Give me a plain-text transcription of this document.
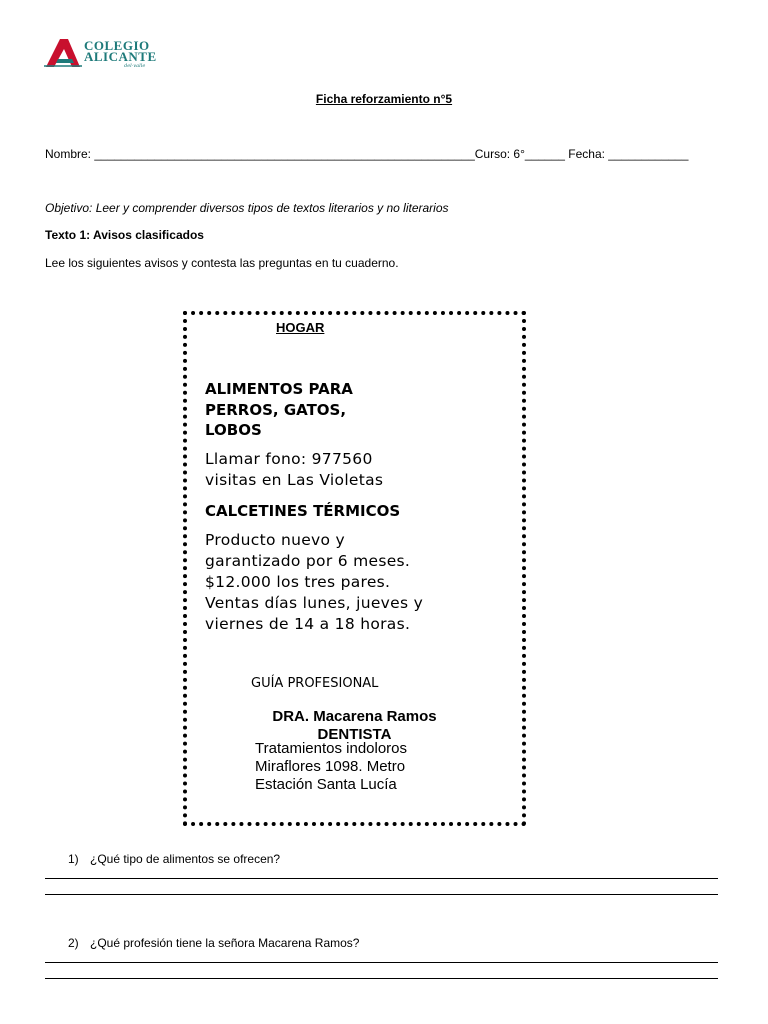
COLEGIO
ALICANTE
del·valle
Ficha reforzamiento n°5
Nombre: _________________________________________________________Curso: 6°______ Fecha: ____________
Objetivo: Leer y comprender diversos tipos de textos literarios y no literarios
Texto 1: Avisos clasificados
Lee los siguientes avisos y contesta las preguntas en tu cuaderno.
HOGAR
ALIMENTOS PARA
PERROS, GATOS,
LOBOS
Llamar fono: 977560
visitas en Las Violetas
CALCETINES TÉRMICOS
Producto nuevo y
garantizado por 6 meses.
$12.000 los tres pares.
Ventas días lunes, jueves y
viernes de 14 a 18 horas.
GUÍA PROFESIONAL
DRA. Macarena Ramos
DENTISTA
Tratamientos indoloros
Miraflores 1098. Metro
Estación Santa Lucía
1) ¿Qué tipo de alimentos se ofrecen?
2) ¿Qué profesión tiene la señora Macarena Ramos?
